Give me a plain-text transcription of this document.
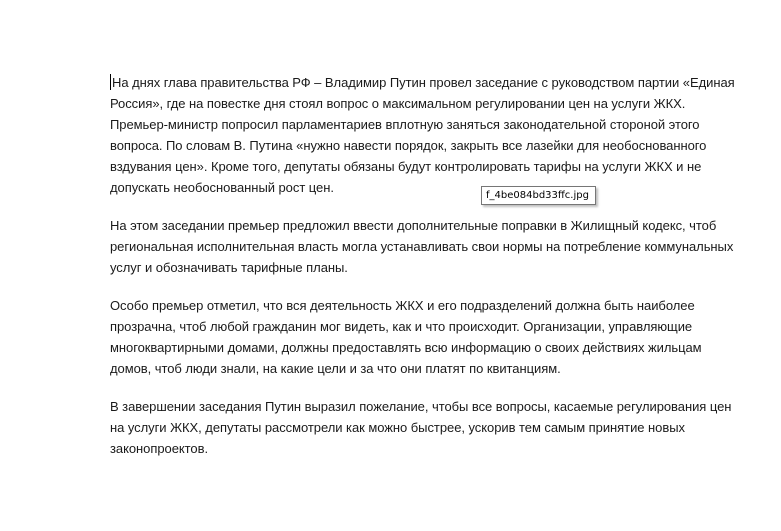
На днях глава правительства РФ – Владимир Путин провел заседание с руководством партии «Единая Россия», где на повестке дня стоял вопрос о максимальном регулировании цен на услуги ЖКХ. Премьер-министр попросил парламентариев вплотную заняться законодательной стороной этого вопроса. По словам В. Путина «нужно навести порядок, закрыть все лазейки для необоснованного вздувания цен». Кроме того, депутаты обязаны будут контролировать тарифы на услуги ЖКХ и не допускать необоснованный рост цен.

На этом заседании премьер предложил ввести дополнительные поправки в Жилищный кодекс, чтоб региональная исполнительная власть могла устанавливать свои нормы на потребление коммунальных услуг и обозначивать тарифные планы.

Особо премьер отметил, что вся деятельность ЖКХ и его подразделений должна быть наиболее прозрачна, чтоб любой гражданин мог видеть, как и что происходит. Организации, управляющие многоквартирными домами, должны предоставлять всю информацию о своих действиях жильцам домов, чтоб люди знали, на какие цели и за что они платят по квитанциям.

В завершении заседания Путин выразил пожелание, чтобы все вопросы, касаемые регулирования цен на услуги ЖКХ, депутаты рассмотрели как можно быстрее, ускорив тем самым принятие новых законопроектов.

f_4be084bd33ffc.jpg
